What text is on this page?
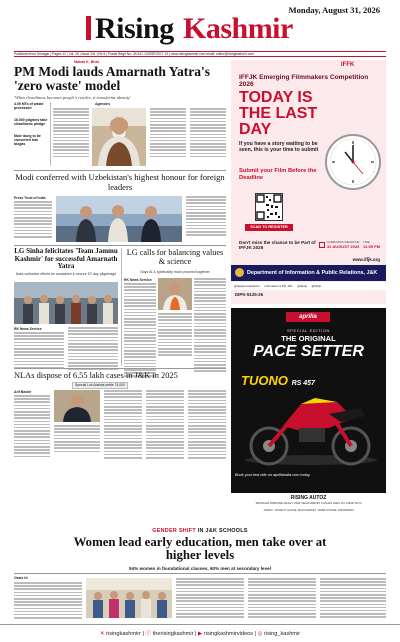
Monday, August 31, 2026
Rising Kashmir
Published from Srinagar | Pages 12 | Vol. 20 | Issue 241 | Rs 5 | Postal Regd No: JK/447-13/SSP/2017-19 | www.risingkashmir.com email: editor@risingkashmir.com
Mahak K. Bhat
PM Modi lauds Amarnath Yatra's 'zero waste' model
'When cleanliness becomes people's resolve, it transforms identity'
4.05 MTs of waste processed
16,000 pilgrims take cleanliness pledge
Mule dung to be converted into biogas
Agencies
Modi conferred with Uzbekistan's highest honour for foreign leaders
Press Trust of India
LG Sinha felicitates 'Team Jammu Kashmir' for successful Amarnath Yatra
Asks collective efforts be sustained & secure 57-day pilgrimage
RK News Service
LG calls for balancing values & science
Says AI & spirituality must proceed together
RK News Service
NLAs dispose of 6.55 lakh cases in J&K in 2025
Special Lok Adalats settle 74,000
Arif Bashir
GENDER SHIFT IN J&K SCHOOLS
Women lead early education, men take over at higher levels
94% women in foundational classes, 60% men at secondary level
Ovais Ur
IFFK
IFFJK Emerging Filmmakers Competition 2026
TODAY IS
THE LAST
DAY
If you have a story waiting to be seen, this is your time to submit
Submit your Film Before the Deadline
SCAN TO REGISTER
Don't miss the chance to be Part of IFFJK 2026
SUBMISSION DEADLINE
31 AUGUST 2026
TIME
11:59 PM
www.iffjk.org
Department of Information & Public Relations, J&K
@diprjammukashmir Information & PR, J&K @diprjk @diprjk
DIPK-5125-26
aprilia
SPECIAL EDITION
THE ORIGINAL
PACE SETTER
TUONO RS 457
Book your test ride on apriliaindia.com today.
RISING AUTOZ
SRINAGAR PAMPORE VALLEY VIEW, NEAR MARKET, KASHAN NADU PH: 01933711170
JAMMU : NOVELTY HOUSE, MAIN MARKET, JAMMU PHONE: 01933000000
✕ risingkashmirr | ⓕ therisingkashmir | ▶ risingkashmirvideos | ◎ rising_kashmir
